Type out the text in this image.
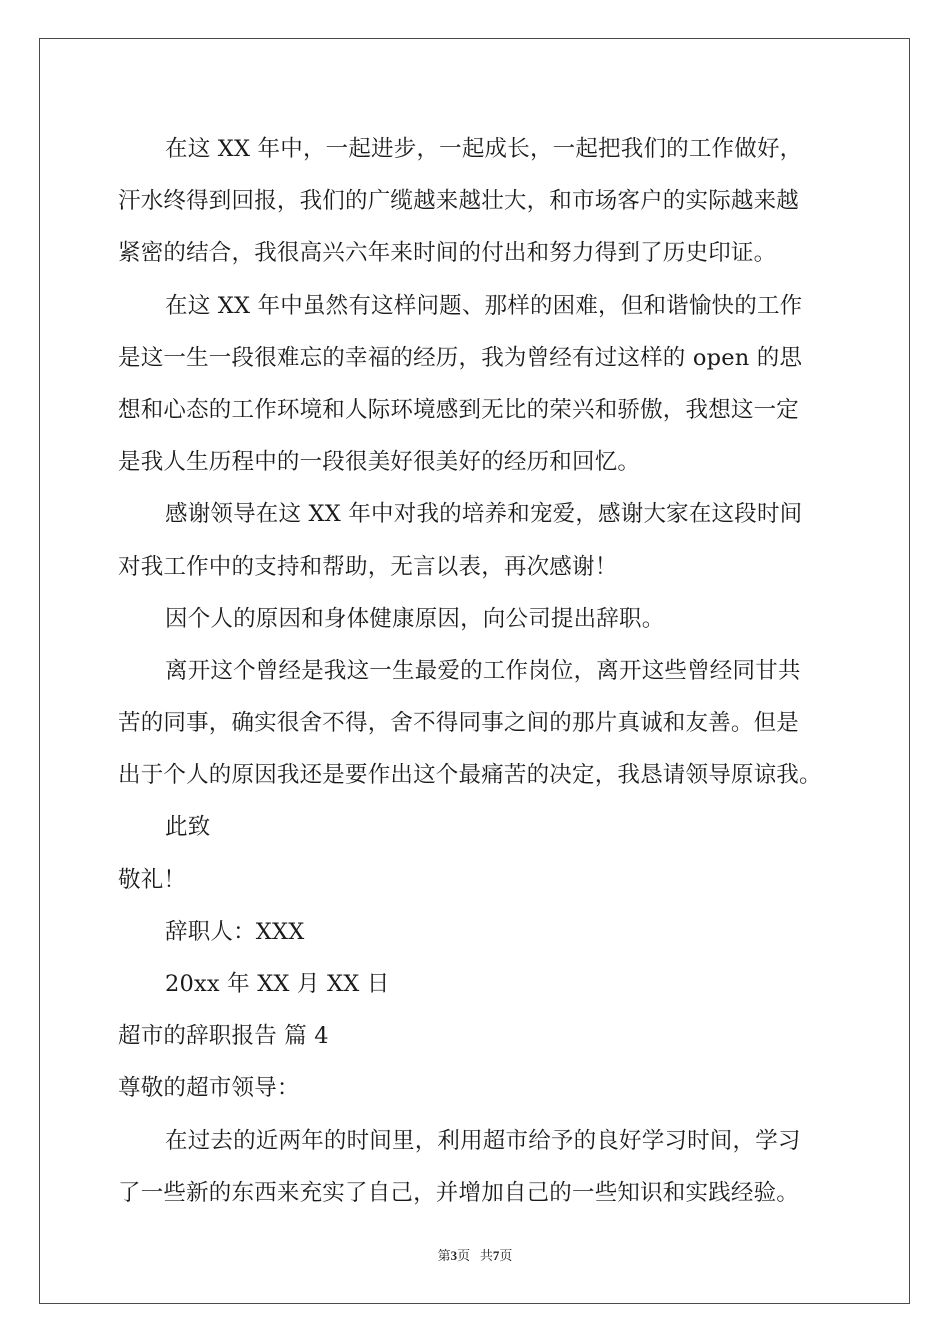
在这 XX 年中，一起进步，一起成长，一起把我们的工作做好，
汗水终得到回报，我们的广缆越来越壮大，和市场客户的实际越来越
紧密的结合，我很高兴六年来时间的付出和努力得到了历史印证。
在这 XX 年中虽然有这样问题、那样的困难，但和谐愉快的工作
是这一生一段很难忘的幸福的经历，我为曾经有过这样的 open 的思
想和心态的工作环境和人际环境感到无比的荣兴和骄傲，我想这一定
是我人生历程中的一段很美好很美好的经历和回忆。
感谢领导在这 XX 年中对我的培养和宠爱，感谢大家在这段时间
对我工作中的支持和帮助，无言以表，再次感谢！
因个人的原因和身体健康原因，向公司提出辞职。
离开这个曾经是我这一生最爱的工作岗位，离开这些曾经同甘共
苦的同事，确实很舍不得，舍不得同事之间的那片真诚和友善。但是
出于个人的原因我还是要作出这个最痛苦的决定，我恳请领导原谅我。
此致
敬礼！
辞职人：XXX
20xx 年 XX 月 XX 日
超市的辞职报告 篇 4
尊敬的超市领导：
在过去的近两年的时间里，利用超市给予的良好学习时间，学习
了一些新的东西来充实了自己，并增加自己的一些知识和实践经验。
第3页 共7页
